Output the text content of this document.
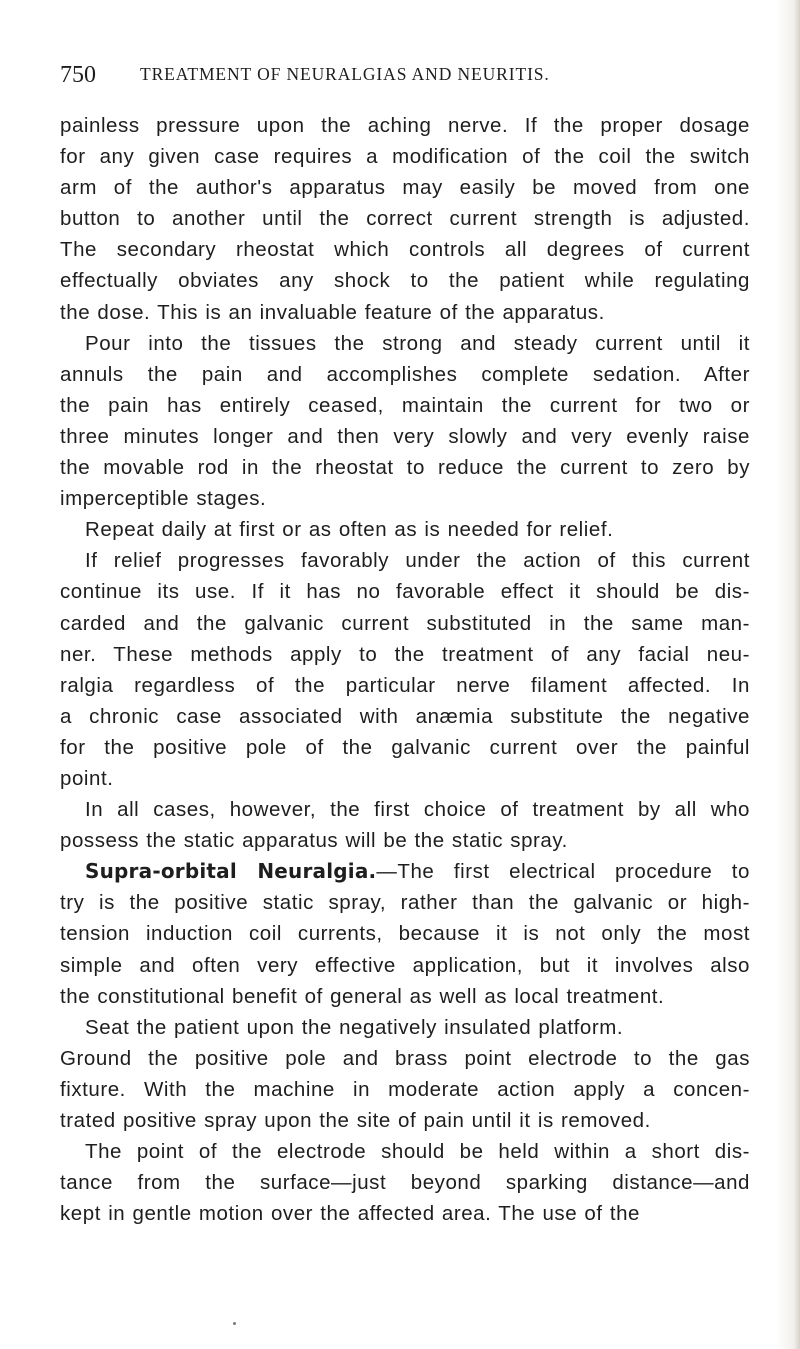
750	TREATMENT OF NEURALGIAS AND NEURITIS.
painless pressure upon the aching nerve. If the proper dosage
for any given case requires a modification of the coil the switch
arm of the author's apparatus may easily be moved from one
button to another until the correct current strength is adjusted.
The secondary rheostat which controls all degrees of current
effectually obviates any shock to the patient while regulating
the dose. This is an invaluable feature of the apparatus.
Pour into the tissues the strong and steady current until it
annuls the pain and accomplishes complete sedation. After
the pain has entirely ceased, maintain the current for two or
three minutes longer and then very slowly and very evenly raise
the movable rod in the rheostat to reduce the current to zero by
imperceptible stages.
Repeat daily at first or as often as is needed for relief.
If relief progresses favorably under the action of this current
continue its use. If it has no favorable effect it should be dis-
carded and the galvanic current substituted in the same man-
ner. These methods apply to the treatment of any facial neu-
ralgia regardless of the particular nerve filament affected. In
a chronic case associated with anæmia substitute the negative
for the positive pole of the galvanic current over the painful
point.
In all cases, however, the first choice of treatment by all who
possess the static apparatus will be the static spray.
Supra-orbital Neuralgia.—The first electrical procedure to
try is the positive static spray, rather than the galvanic or high-
tension induction coil currents, because it is not only the most
simple and often very effective application, but it involves also
the constitutional benefit of general as well as local treatment.
Seat the patient upon the negatively insulated platform.
Ground the positive pole and brass point electrode to the gas
fixture. With the machine in moderate action apply a concen-
trated positive spray upon the site of pain until it is removed.
The point of the electrode should be held within a short dis-
tance from the surface—just beyond sparking distance—and
kept in gentle motion over the affected area. The use of the
